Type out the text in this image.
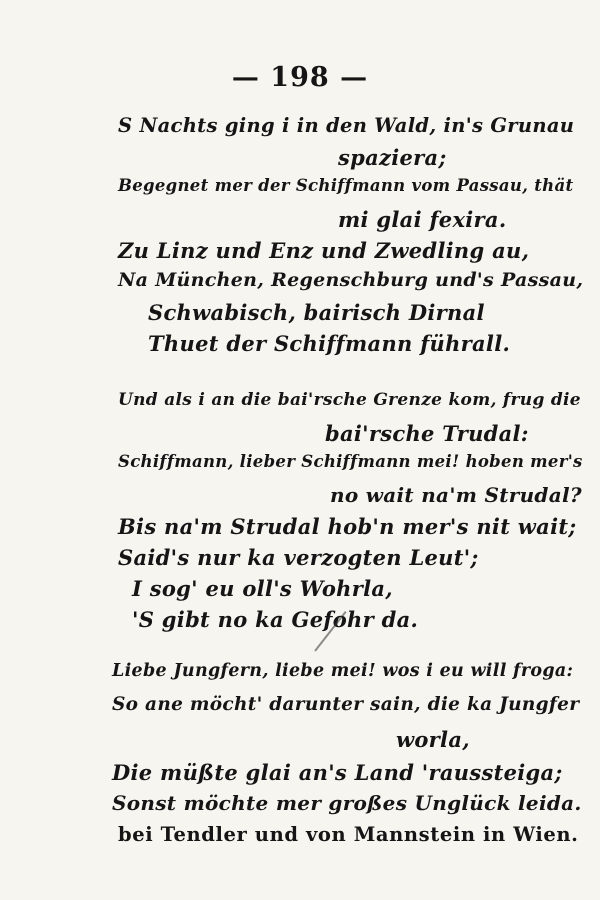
— 198 —
S Nachts ging i in den Wald, in's Grunau
spaziera;
Begegnet mer der Schiffmann vom Passau, thät
mi glai fexira.
Zu Linz und Enz und Zwedling au,
Na München, Regenschburg und's Passau,
Schwabisch, bairisch Dirnal
Thuet der Schiffmann führall.
Und als i an die bai'rsche Grenze kom, frug die
bai'rsche Trudal:
Schiffmann, lieber Schiffmann mei! hoben mer's
no wait na'm Strudal?
Bis na'm Strudal hob'n mer's nit wait;
Said's nur ka verzogten Leut';
I sog' eu oll's Wohrla,
'S gibt no ka Gefohr da.
Liebe Jungfern, liebe mei! wos i eu will froga:
So ane möcht' darunter sain, die ka Jungfer
worla,
Die müßte glai an's Land 'raussteiga;
Sonst möchte mer großes Unglück leida.
bei Tendler und von Mannstein in Wien.
